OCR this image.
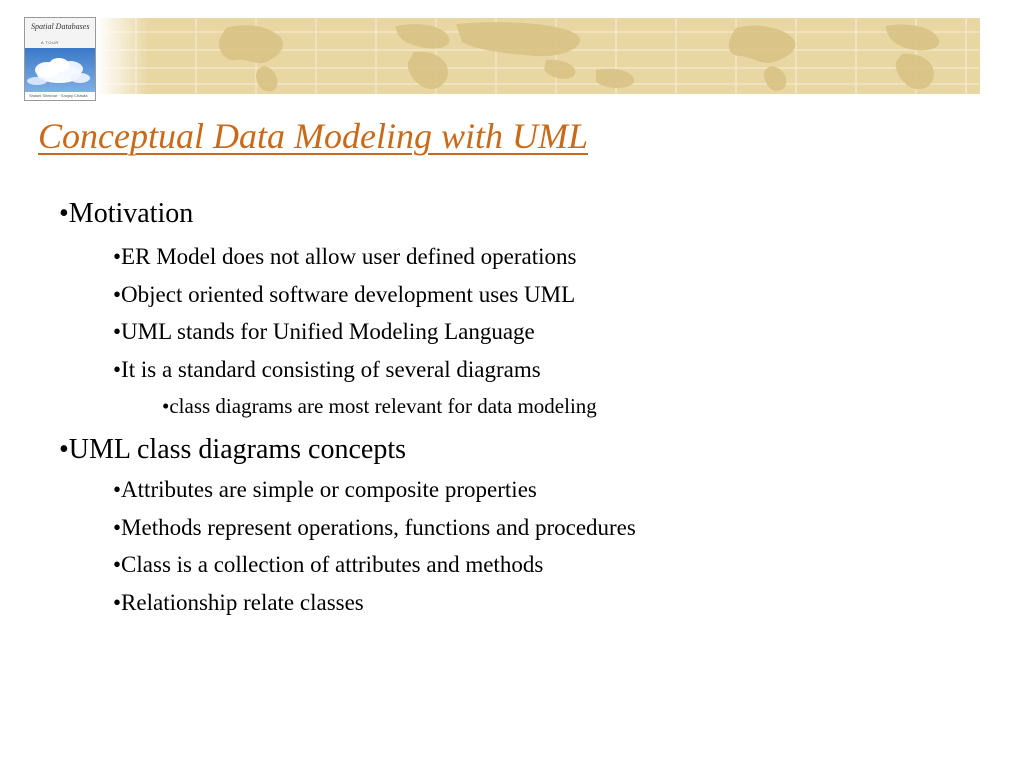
Spatial Databases
A TOUR
Shashi Shekhar · Sanjay Chawla
Conceptual Data Modeling with UML
•Motivation
•ER Model does not allow user defined operations
•Object oriented software development uses UML
•UML stands for Unified Modeling Language
•It is a standard consisting of several diagrams
•class diagrams are most relevant for data modeling
•UML class diagrams concepts
•Attributes are simple or composite properties
•Methods represent operations, functions and procedures
•Class is a collection of attributes and methods
•Relationship relate classes
